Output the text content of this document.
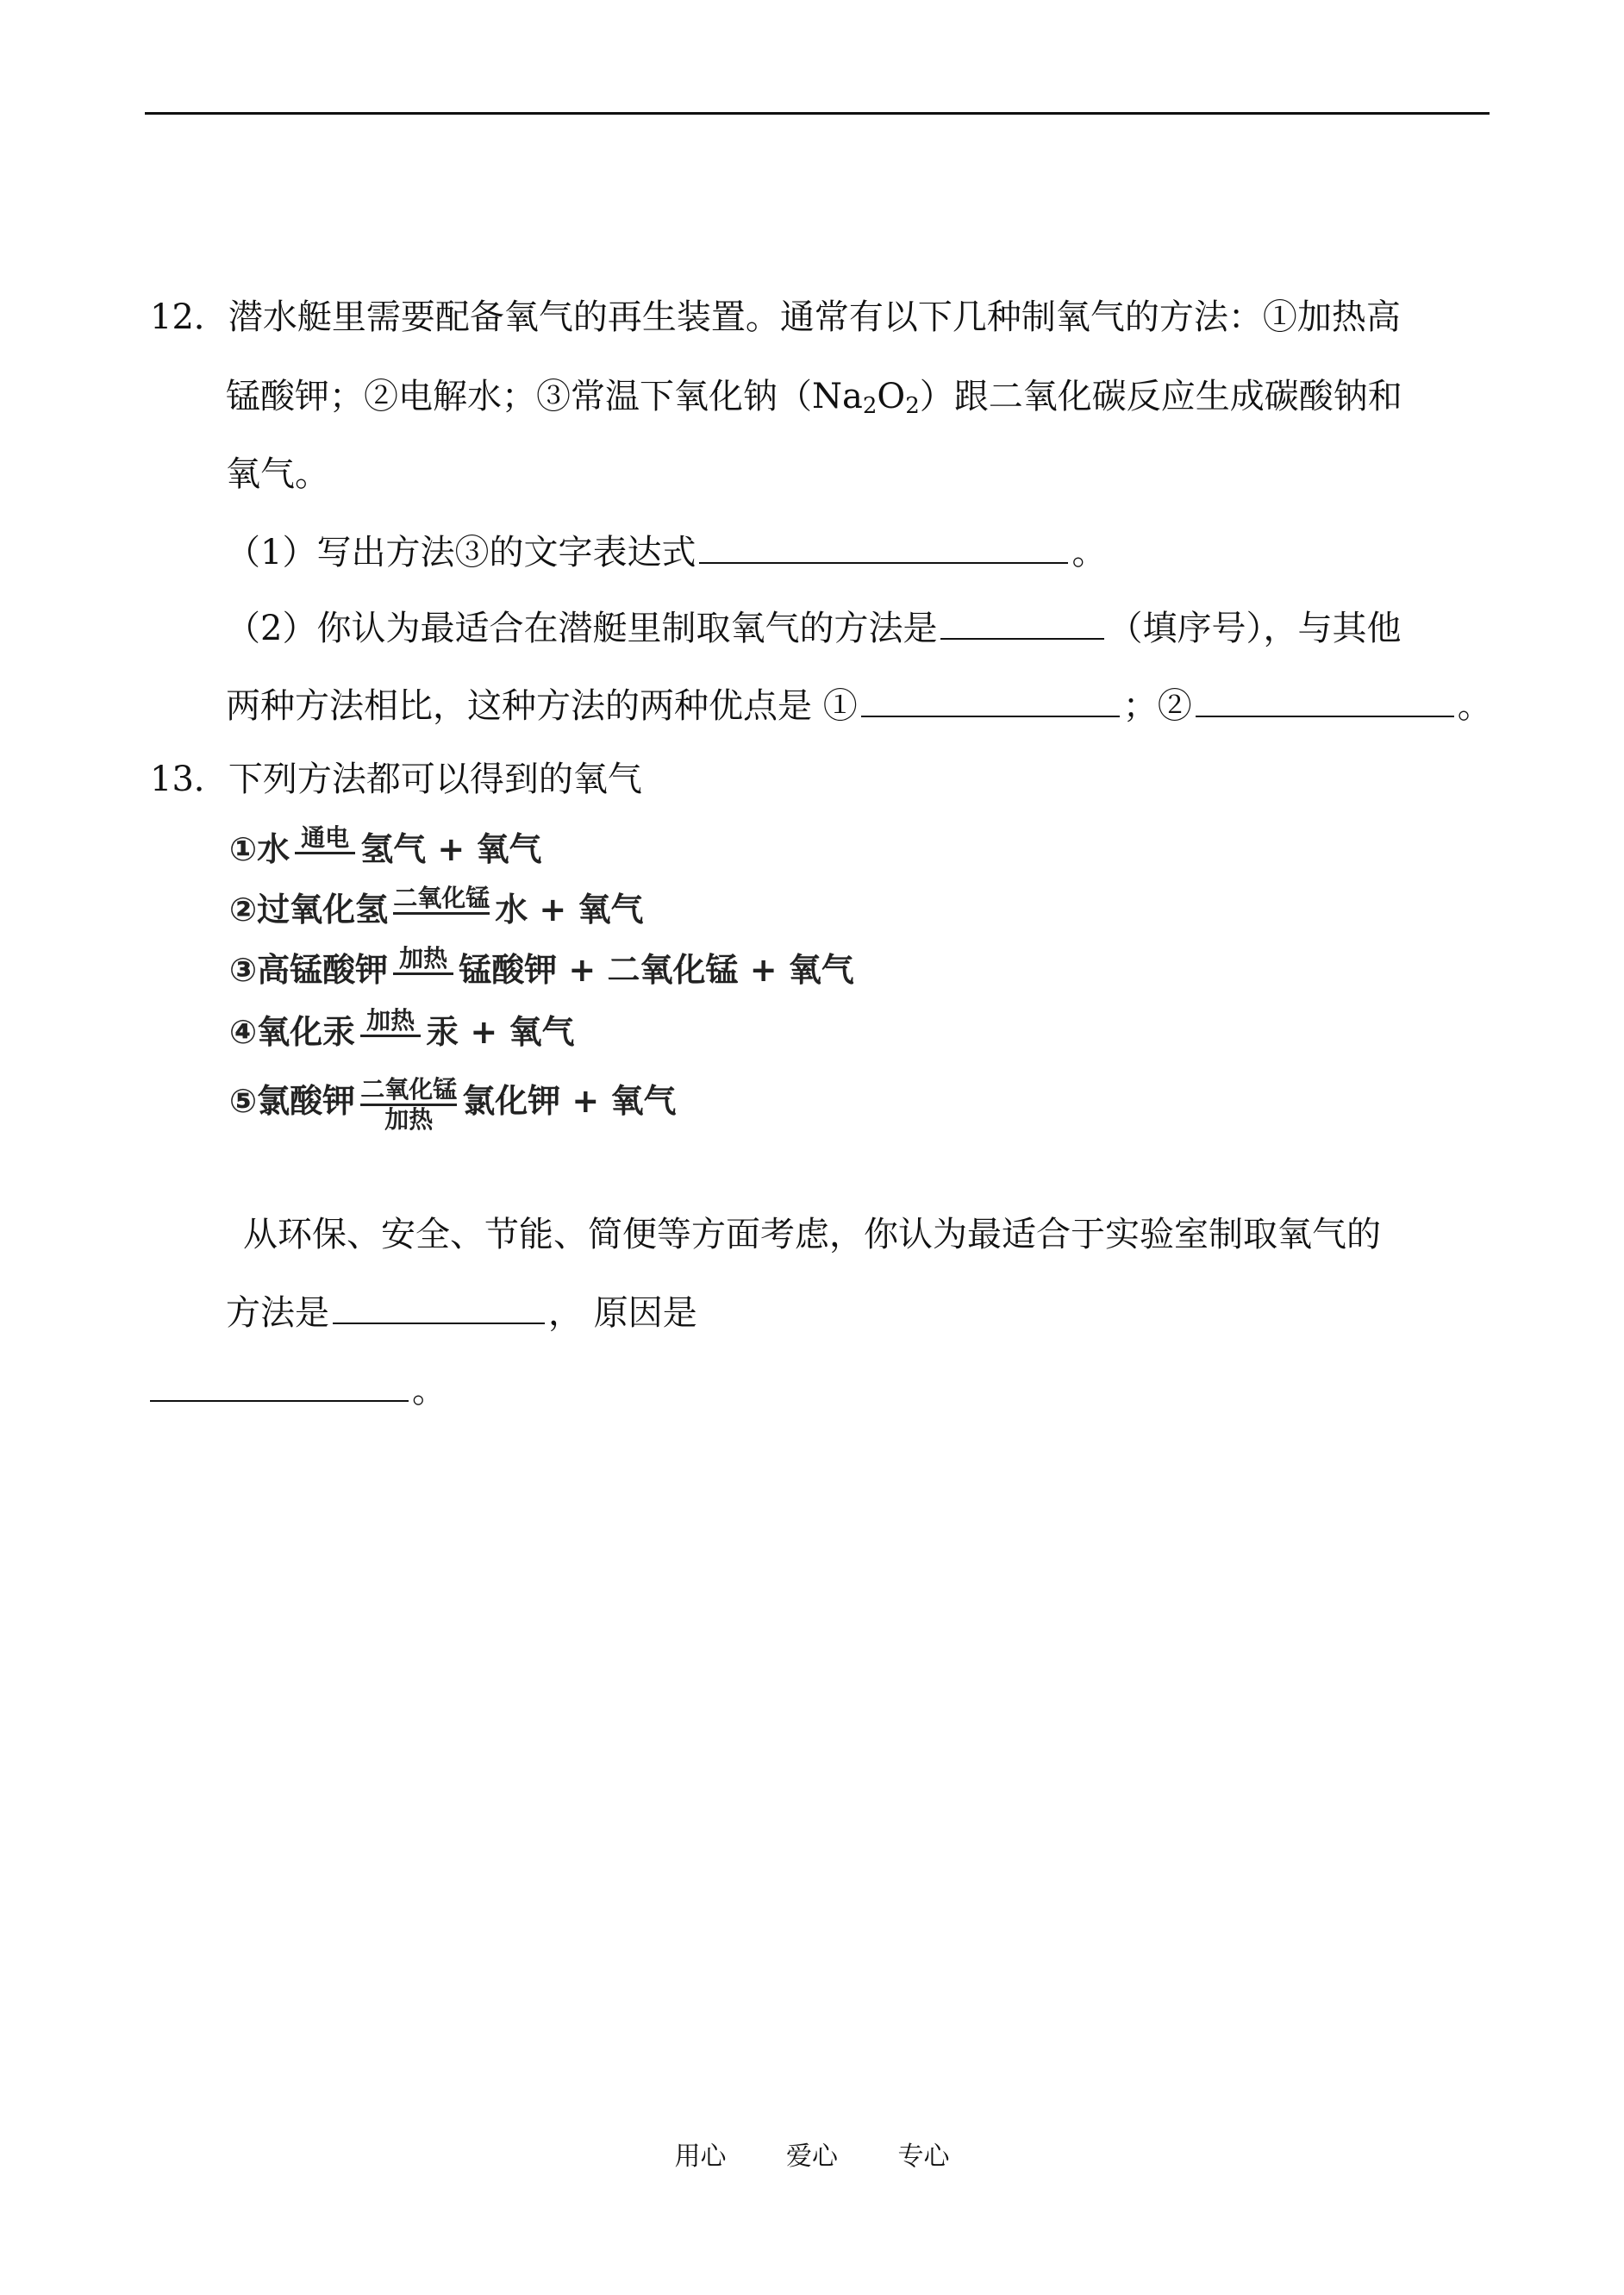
12．潜水艇里需要配备氧气的再生装置。通常有以下几种制氧气的方法：①加热高
锰酸钾；②电解水；③常温下氧化钠$(Na_2O_2)$跟二氧化碳反应生成碳酸钠和
氧气。
（1）写出方法③的文字表达式	。
（2）你认为最适合在潜艇里制取氧气的方法是	（填序号），与其他
两种方法相比，这种方法的两种优点是 ①	；②	。
13．下列方法都可以得到的氧气
①水 通电 氢气 + 氧气
②过氧化氢 二氧化锰 水 + 氧气
③高锰酸钾 加热 锰酸钾 + 二氧化锰 + 氧气
④氧化汞 加热 汞 + 氧气
⑤氯酸钾 二氧化锰
加热 氯化钾 + 氧气
从环保、安全、节能、简便等方面考虑，你认为最适合于实验室制取氧气的
方法是	， 原因是
。
用心 爱心 专心
